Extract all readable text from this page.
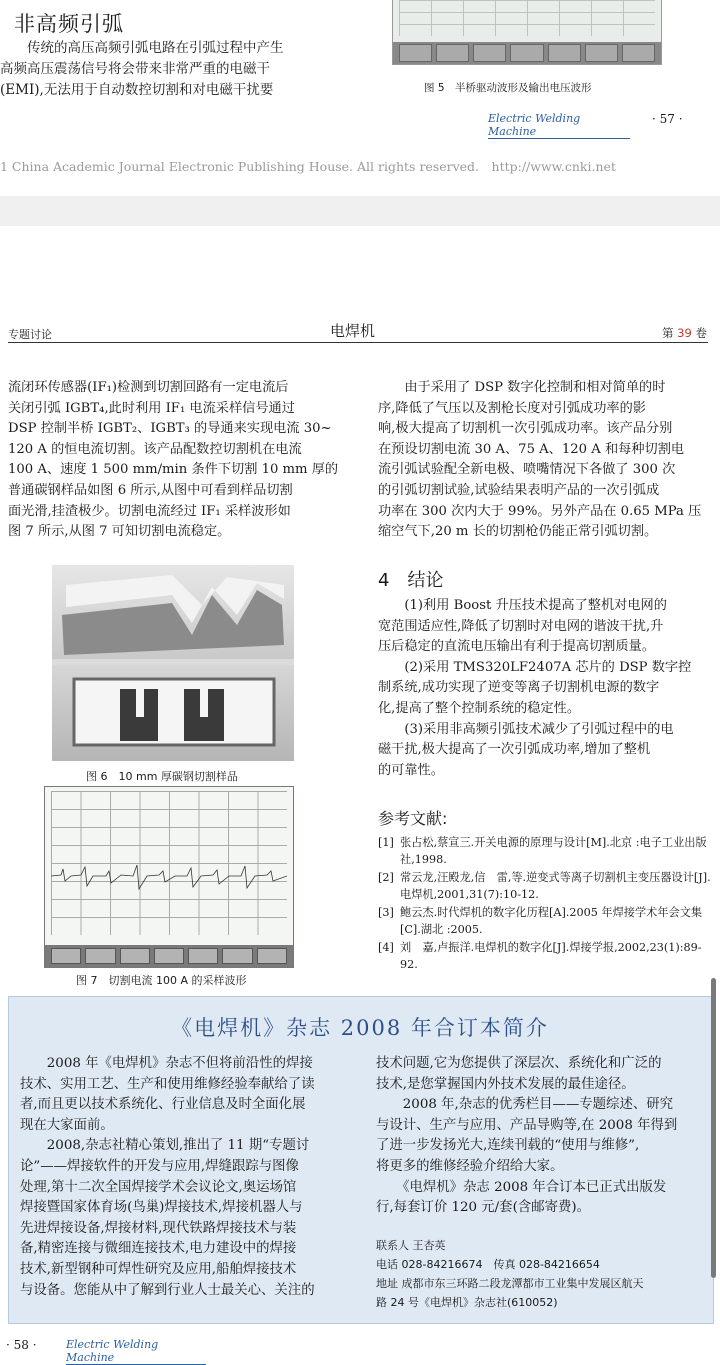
非高频引弧
　　传统的高压高频引弧电路在引弧过程中产生
高频高压震荡信号将会带来非常严重的电磁干
(EMI),无法用于自动数控切割和对电磁干扰要	图 5　半桥驱动波形及输出电压波形
Electric Welding Machine
· 57 ·
1 China Academic Journal Electronic Publishing House. All rights reserved.　http://www.cnki.net
专题讨论	电焊机	第 39 卷

流闭环传感器(IF₁)检测到切割回路有一定电流后

关闭引弧 IGBT₄,此时利用 IF₁ 电流采样信号通过

DSP 控制半桥 IGBT₂、IGBT₃ 的导通来实现电流 30~

120 A 的恒电流切割。该产品配数控切割机在电流

100 A、速度 1 500 mm/min 条件下切割 10 mm 厚的

普通碳钢样品如图 6 所示,从图中可看到样品切割

面光滑,挂渣极少。切割电流经过 IF₁ 采样波形如

图 7 所示,从图 7 可知切割电流稳定。

图 6　10 mm 厚碳钢切割样品
图 7　切割电流 100 A 的采样波形

　　由于采用了 DSP 数字化控制和相对简单的时

序,降低了气压以及割枪长度对引弧成功率的影

响,极大提高了切割机一次引弧成功率。该产品分别

在预设切割电流 30 A、75 A、120 A 和每种切割电

流引弧试验配全新电极、喷嘴情况下各做了 300 次

的引弧切割试验,试验结果表明产品的一次引弧成

功率在 300 次内大于 99%。另外产品在 0.65 MPa 压

缩空气下,20 m 长的切割枪仍能正常引弧切割。

4　结论

　　(1)利用 Boost 升压技术提高了整机对电网的

宽范围适应性,降低了切割时对电网的谐波干扰,升

压后稳定的直流电压输出有利于提高切割质量。

　　(2)采用 TMS320LF2407A 芯片的 DSP 数字控

制系统,成功实现了逆变等离子切割机电源的数字

化,提高了整个控制系统的稳定性。

　　(3)采用非高频引弧技术减少了引弧过程中的电

磁干扰,极大提高了一次引弧成功率,增加了整机

的可靠性。

参考文献:
[1] 张占松,蔡宣三.开关电源的原理与设计[M].北京 :电子工业出版社,1998.
[2] 常云龙,汪殿龙,信　雷,等.逆变式等离子切割机主变压器设计[J].电焊机,2001,31(7):10-12.
[3] 鲍云杰.时代焊机的数字化历程[A].2005 年焊接学术年会文集[C].湖北 :2005.
[4] 刘　嘉,卢振洋.电焊机的数字化[J].焊接学报,2002,23(1):89-92.
《电焊机》杂志 2008 年合订本简介

　　2008 年《电焊机》杂志不但将前沿性的焊接

技术、实用工艺、生产和使用维修经验奉献给了读

者,而且更以技术系统化、行业信息及时全面化展

现在大家面前。

　　2008,杂志社精心策划,推出了 11 期“专题讨

论”——焊接软件的开发与应用,焊缝跟踪与图像

处理,第十二次全国焊接学术会议论文,奥运场馆

焊接暨国家体育场(鸟巢)焊接技术,焊接机器人与

先进焊接设备,焊接材料,现代铁路焊接技术与装

备,精密连接与微细连接技术,电力建设中的焊接

技术,新型钢种可焊性研究及应用,船舶焊接技术

与设备。您能从中了解到行业人士最关心、关注的

技术问题,它为您提供了深层次、系统化和广泛的

技术,是您掌握国内外技术发展的最佳途径。

　　2008 年,杂志的优秀栏目——专题综述、研究

与设计、生产与应用、产品导购等,在 2008 年得到

了进一步发扬光大,连续刊载的“使用与维修”,

将更多的维修经验介绍给大家。

　　《电焊机》杂志 2008 年合订本已正式出版发

行,每套订价 120 元/套(含邮寄费)。

联系人 王杏英

电话 028-84216674　传真 028-84216654

地址 成都市东三环路二段龙潭都市工业集中发展区航天

路 24 号《电焊机》杂志社(610052)

· 58 ·	Electric Welding Machine
